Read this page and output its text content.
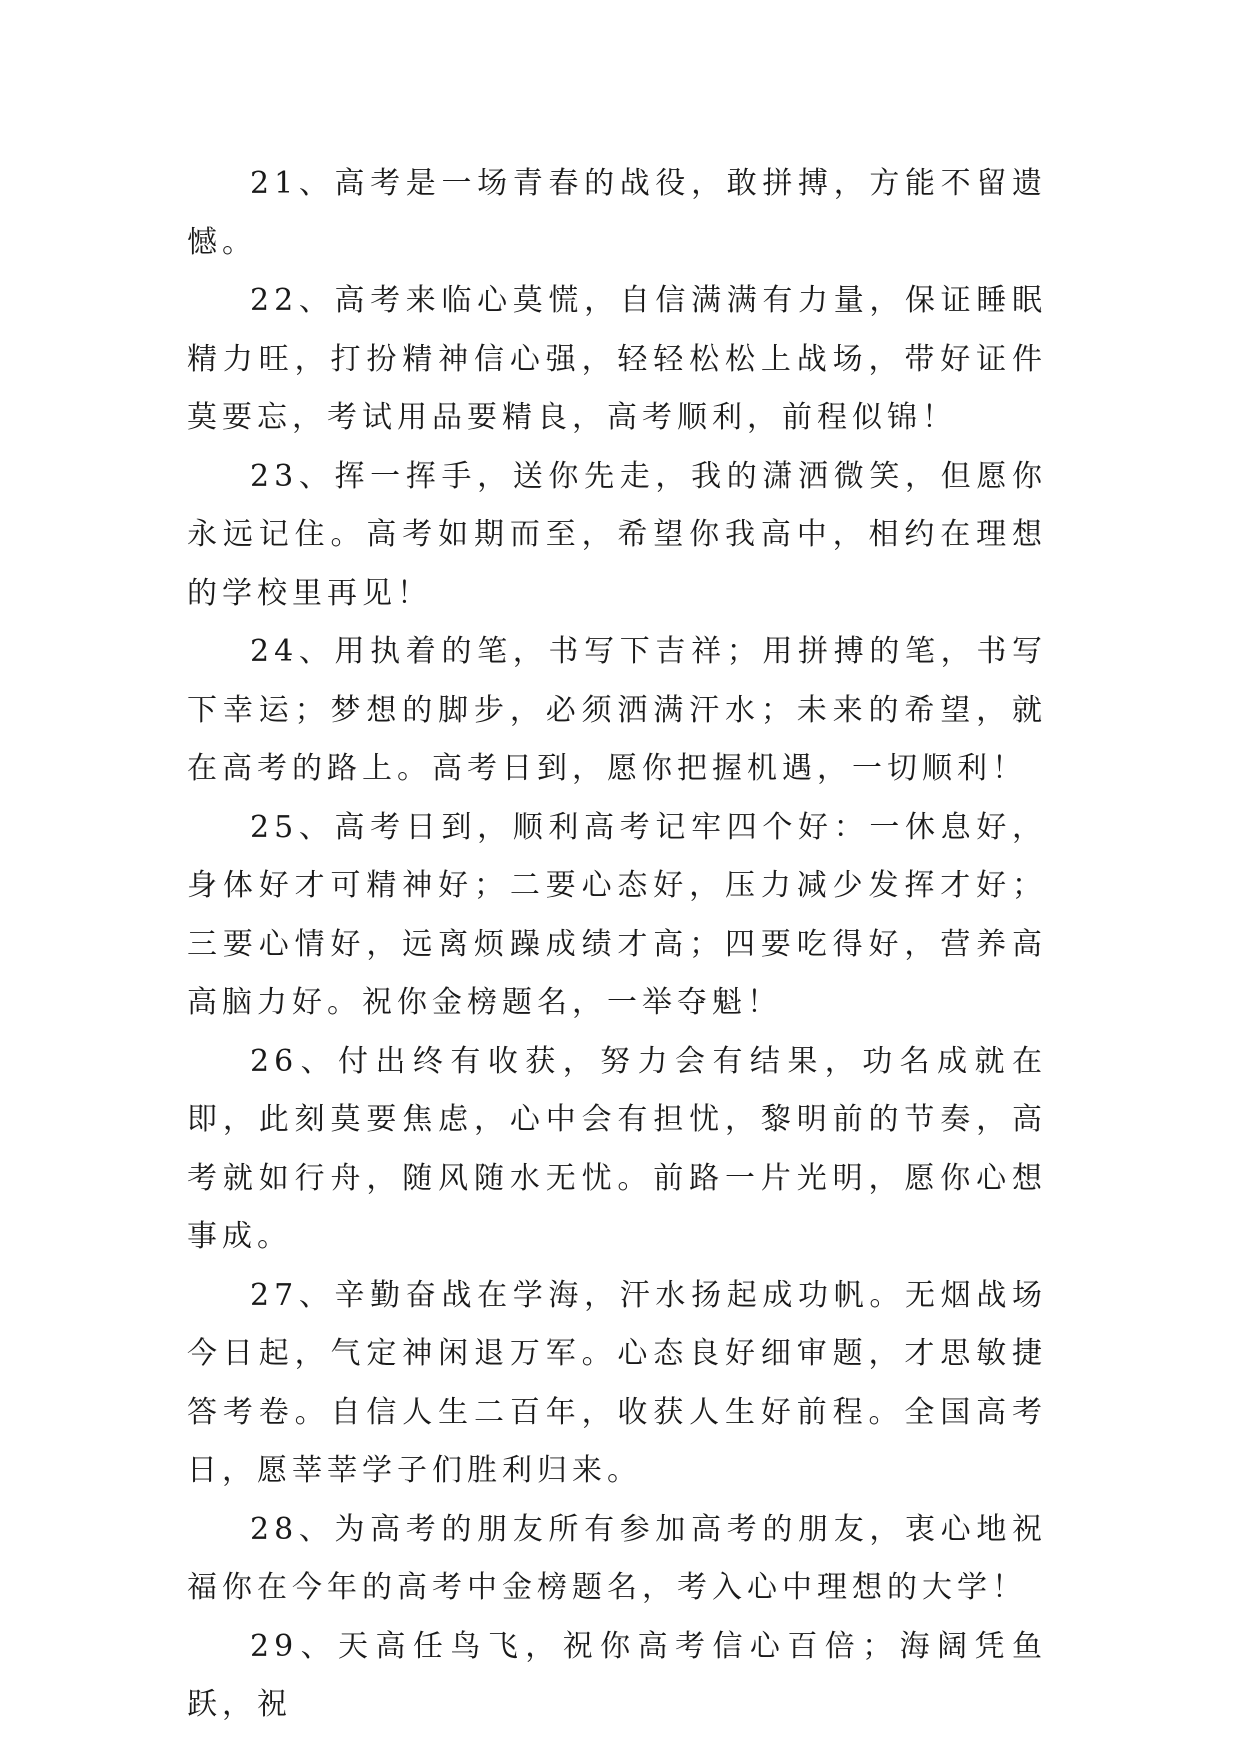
21、高考是一场青春的战役，敢拼搏，方能不留遗憾。

22、高考来临心莫慌，自信满满有力量，保证睡眠精力旺，打扮精神信心强，轻轻松松上战场，带好证件莫要忘，考试用品要精良，高考顺利，前程似锦！

23、挥一挥手，送你先走，我的潇洒微笑，但愿你永远记住。高考如期而至，希望你我高中，相约在理想的学校里再见！

24、用执着的笔，书写下吉祥；用拼搏的笔，书写下幸运；梦想的脚步，必须洒满汗水；未来的希望，就在高考的路上。高考日到，愿你把握机遇，一切顺利！

25、高考日到，顺利高考记牢四个好：一休息好，身体好才可精神好；二要心态好，压力减少发挥才好；三要心情好，远离烦躁成绩才高；四要吃得好，营养高高脑力好。祝你金榜题名，一举夺魁！

26、付出终有收获，努力会有结果，功名成就在即，此刻莫要焦虑，心中会有担忧，黎明前的节奏，高考就如行舟，随风随水无忧。前路一片光明，愿你心想事成。

27、辛勤奋战在学海，汗水扬起成功帆。无烟战场今日起，气定神闲退万军。心态良好细审题，才思敏捷答考卷。自信人生二百年，收获人生好前程。全国高考日，愿莘莘学子们胜利归来。

28、为高考的朋友所有参加高考的朋友，衷心地祝福你在今年的高考中金榜题名，考入心中理想的大学！

29、天高任鸟飞，祝你高考信心百倍；海阔凭鱼跃，祝
